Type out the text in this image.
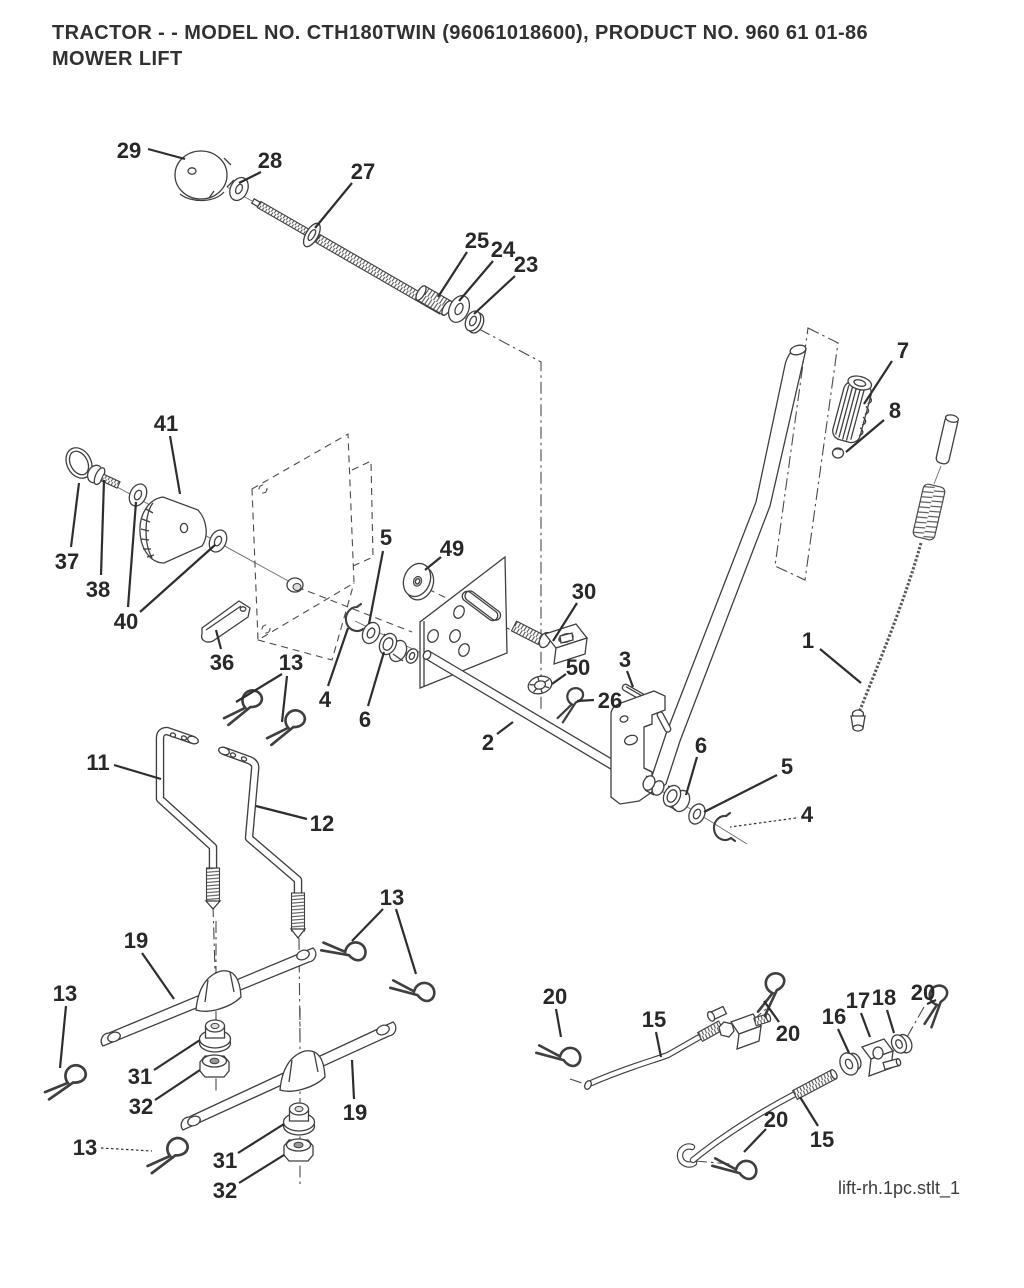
TRACTOR - - MODEL NO. CTH180TWIN (96061018600), PRODUCT NO. 960 61 01-86
MOWER LIFT
29	28	27
25 24
23
7
8
1
41
37
38
40
36 13
5 49
30
4
6
50
26
3
2	6
5
4
11
12
19
13
31
32
13
19
31
32
13
20
15
20
16
17 18 20
20
15
lift-rh.1pc.stlt_1
